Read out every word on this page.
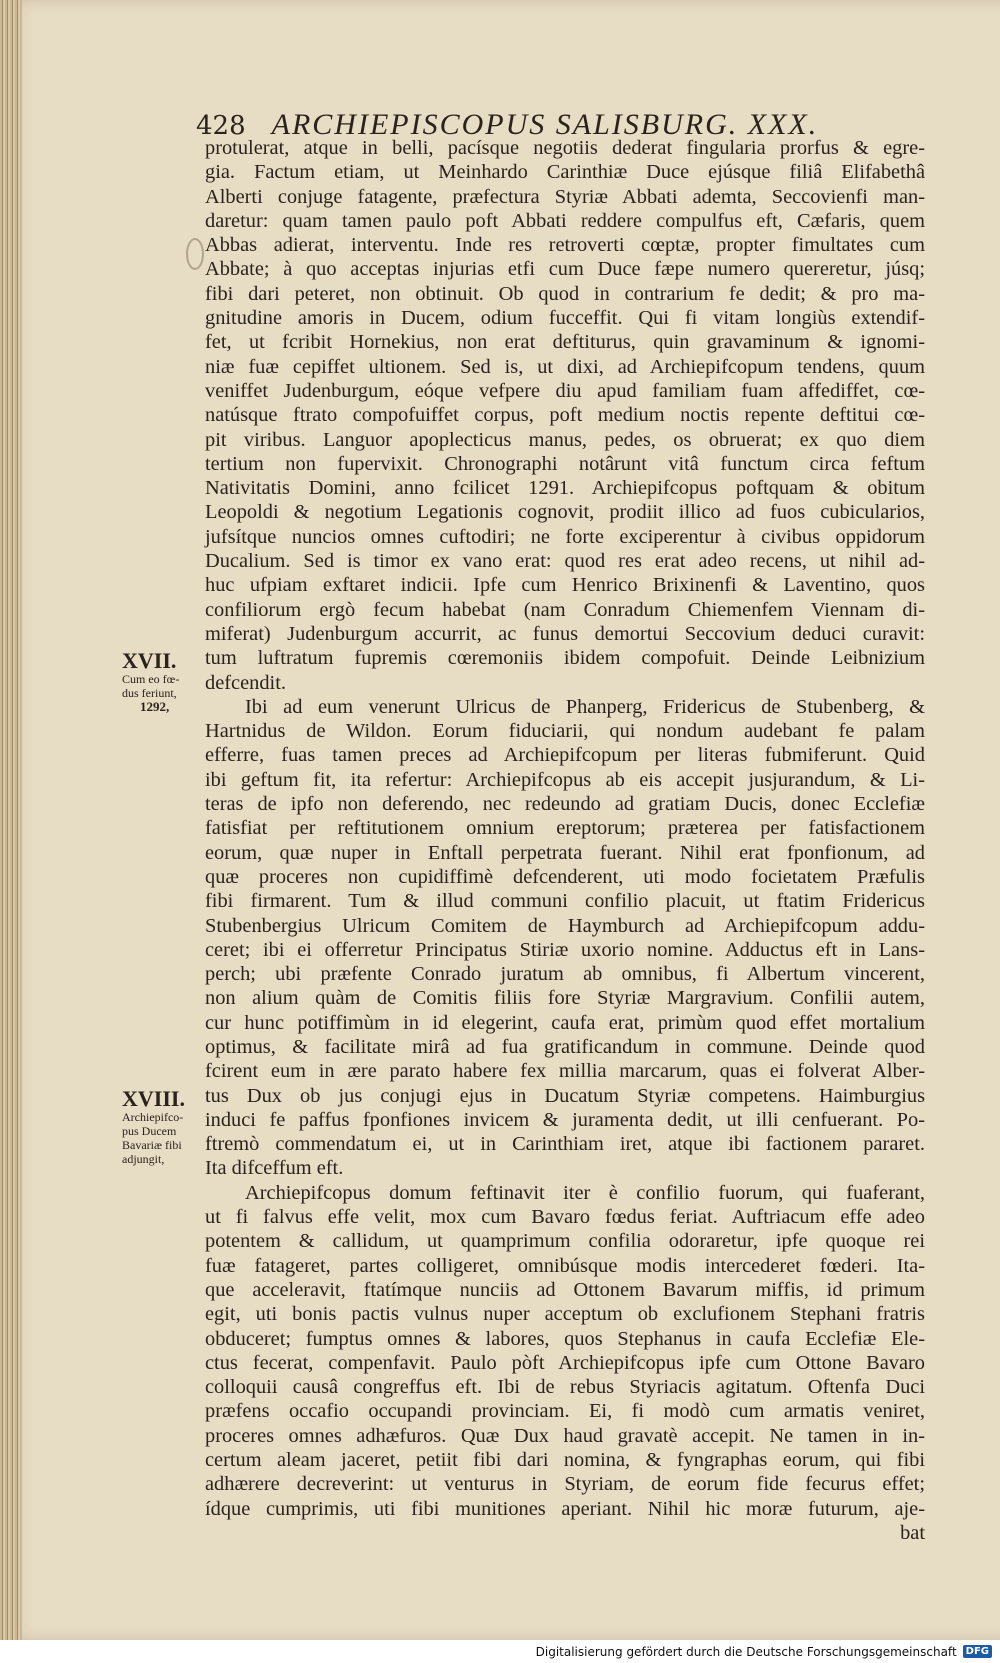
428 ARCHIEPISCOPUS SALISBURG. XXX.
XVII.
Cum eo fœ-
dus feriunt,
1292,
XVIII.
Archiepifco-
pus Ducem
Bavariæ fibi
adjungit,
protulerat, atque in belli, pacísque negotiis dederat fingularia prorfus & egre-
gia. Factum etiam, ut Meinhardo Carinthiæ Duce ejúsque filiâ Elifabethâ
Alberti conjuge fatagente, præfectura Styriæ Abbati ademta, Seccovienfi man-
daretur: quam tamen paulo poft Abbati reddere compulfus eft, Cæfaris, quem
Abbas adierat, interventu. Inde res retroverti cœptæ, propter fimultates cum
Abbate; à quo acceptas injurias etfi cum Duce fæpe numero quereretur, júsq;
fibi dari peteret, non obtinuit. Ob quod in contrarium fe dedit; & pro ma-
gnitudine amoris in Ducem, odium fucceffit. Qui fi vitam longiùs extendif-
fet, ut fcribit Hornekius, non erat deftiturus, quin gravaminum & ignomi-
niæ fuæ cepiffet ultionem. Sed is, ut dixi, ad Archiepifcopum tendens, quum
veniffet Judenburgum, eóque vefpere diu apud familiam fuam affediffet, cœ-
natúsque ftrato compofuiffet corpus, poft medium noctis repente deftitui cœ-
pit viribus. Languor apoplecticus manus, pedes, os obruerat; ex quo diem
tertium non fupervixit. Chronographi notârunt vitâ functum circa feftum
Nativitatis Domini, anno fcilicet 1291. Archiepifcopus poftquam & obitum
Leopoldi & negotium Legationis cognovit, prodiit illico ad fuos cubicularios,
jufsítque nuncios omnes cuftodiri; ne forte exciperentur à civibus oppidorum
Ducalium. Sed is timor ex vano erat: quod res erat adeo recens, ut nihil ad-
huc ufpiam exftaret indicii. Ipfe cum Henrico Brixinenfi & Laventino, quos
confiliorum ergò fecum habebat (nam Conradum Chiemenfem Viennam di-
miferat) Judenburgum accurrit, ac funus demortui Seccovium deduci curavit:
tum luftratum fupremis cœremoniis ibidem compofuit. Deinde Leibnizium
defcendit.
Ibi ad eum venerunt Ulricus de Phanperg, Fridericus de Stubenberg, &
Hartnidus de Wildon. Eorum fiduciarii, qui nondum audebant fe palam
efferre, fuas tamen preces ad Archiepifcopum per literas fubmiferunt. Quid
ibi geftum fit, ita refertur: Archiepifcopus ab eis accepit jusjurandum, & Li-
teras de ipfo non deferendo, nec redeundo ad gratiam Ducis, donec Ecclefiæ
fatisfiat per reftitutionem omnium ereptorum; præterea per fatisfactionem
eorum, quæ nuper in Enftall perpetrata fuerant. Nihil erat fponfionum, ad
quæ proceres non cupidiffimè defcenderent, uti modo focietatem Præfulis
fibi firmarent. Tum & illud communi confilio placuit, ut ftatim Fridericus
Stubenbergius Ulricum Comitem de Haymburch ad Archiepifcopum addu-
ceret; ibi ei offerretur Principatus Stiriæ uxorio nomine. Adductus eft in Lans-
perch; ubi præfente Conrado juratum ab omnibus, fi Albertum vincerent,
non alium quàm de Comitis filiis fore Styriæ Margravium. Confilii autem,
cur hunc potiffimùm in id elegerint, caufa erat, primùm quod effet mortalium
optimus, & facilitate mirâ ad fua gratificandum in commune. Deinde quod
fcirent eum in ære parato habere fex millia marcarum, quas ei folverat Alber-
tus Dux ob jus conjugi ejus in Ducatum Styriæ competens. Haimburgius
induci fe paffus fponfiones invicem & juramenta dedit, ut illi cenfuerant. Po-
ftremò commendatum ei, ut in Carinthiam iret, atque ibi factionem pararet.
Ita difceffum eft.
Archiepifcopus domum feftinavit iter è confilio fuorum, qui fuaferant,
ut fi falvus effe velit, mox cum Bavaro fœdus feriat. Auftriacum effe adeo
potentem & callidum, ut quamprimum confilia odoraretur, ipfe quoque rei
fuæ fatageret, partes colligeret, omnibúsque modis intercederet fœderi. Ita-
que acceleravit, ftatímque nunciis ad Ottonem Bavarum miffis, id primum
egit, uti bonis pactis vulnus nuper acceptum ob exclufionem Stephani fratris
obduceret; fumptus omnes & labores, quos Stephanus in caufa Ecclefiæ Ele-
ctus fecerat, compenfavit. Paulo pòft Archiepifcopus ipfe cum Ottone Bavaro
colloquii causâ congreffus eft. Ibi de rebus Styriacis agitatum. Oftenfa Duci
præfens occafio occupandi provinciam. Ei, fi modò cum armatis veniret,
proceres omnes adhæfuros. Quæ Dux haud gravatè accepit. Ne tamen in in-
certum aleam jaceret, petiit fibi dari nomina, & fyngraphas eorum, qui fibi
adhærere decreverint: ut venturus in Styriam, de eorum fide fecurus effet;
ídque cumprimis, uti fibi munitiones aperiant. Nihil hic moræ futurum, aje-
bat
Digitalisierung gefördert durch die Deutsche Forschungsgemeinschaft DFG
